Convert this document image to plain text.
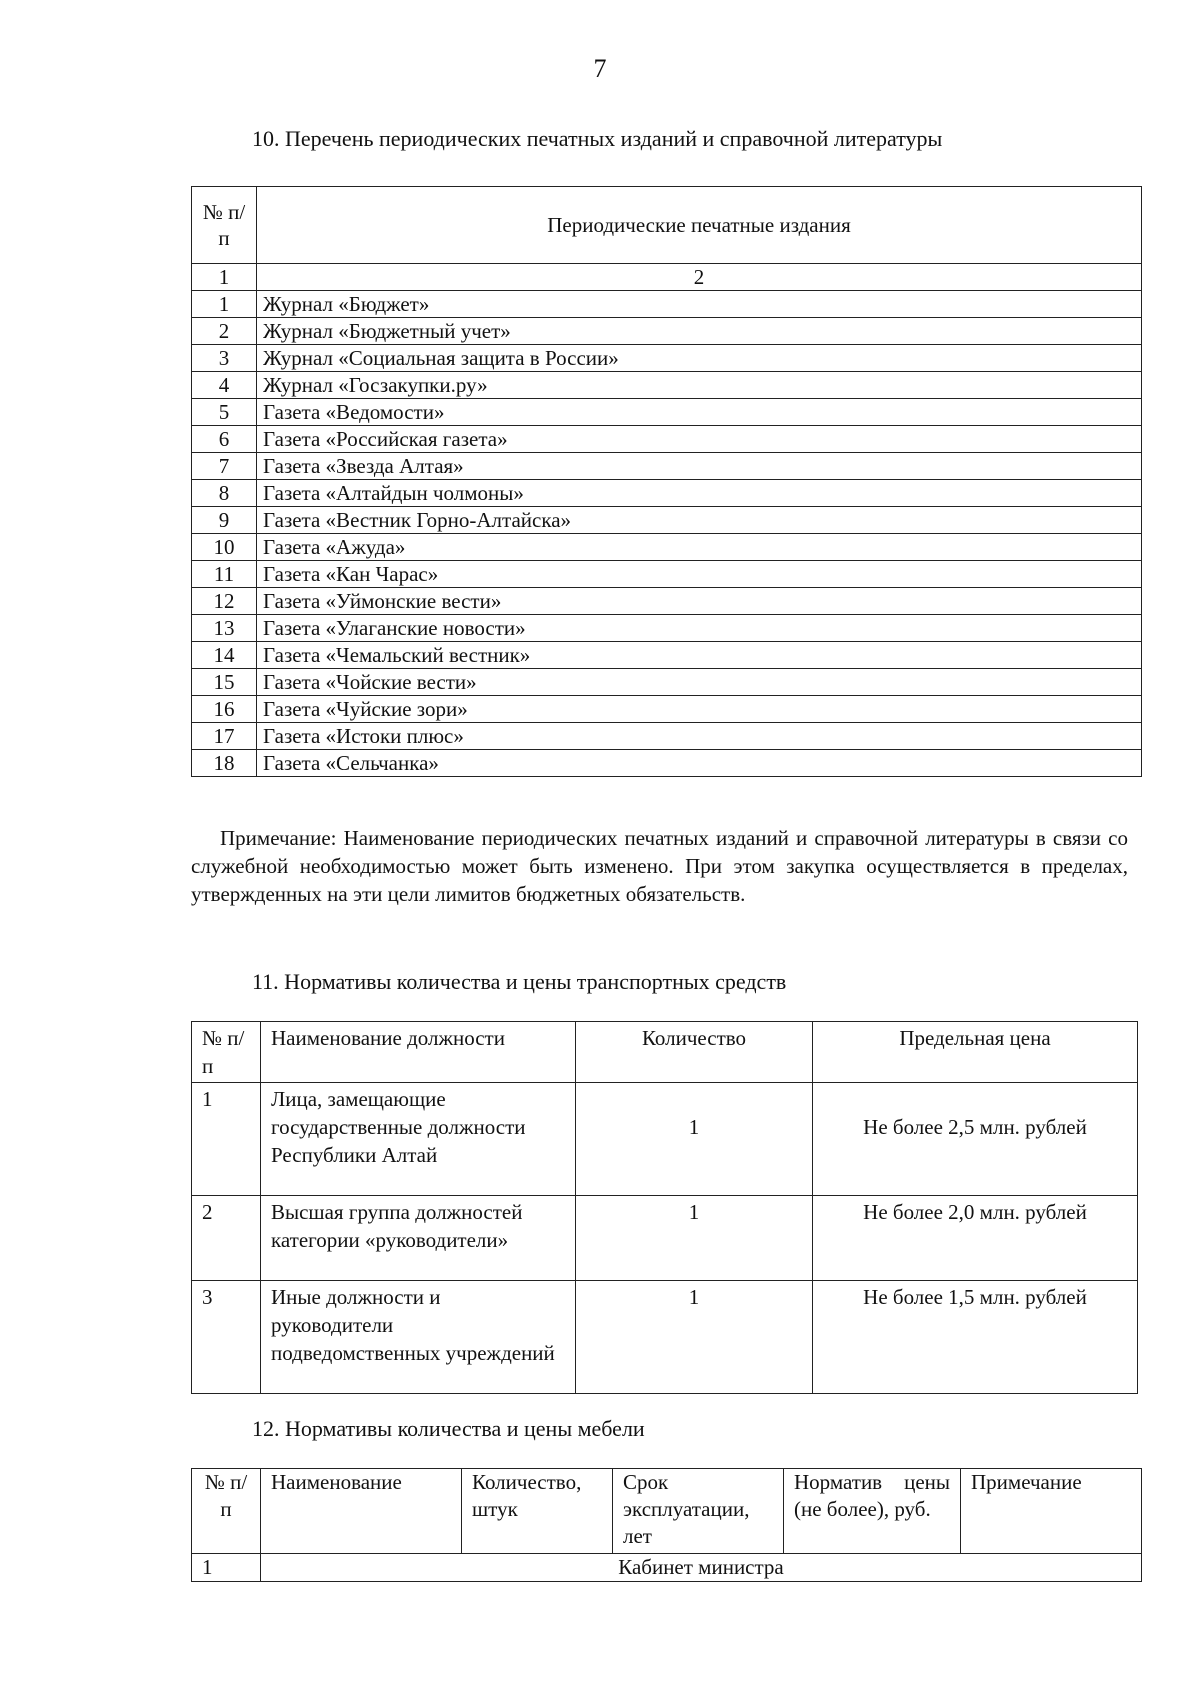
7
10. Перечень периодических печатных изданий и справочной литературы
№ п/п	Периодические печатные издания
1	2
1	Журнал «Бюджет»
2	Журнал «Бюджетный учет»
3	Журнал «Социальная защита в России»
4	Журнал «Госзакупки.ру»
5	Газета «Ведомости»
6	Газета «Российская газета»
7	Газета «Звезда Алтая»
8	Газета «Алтайдын чолмоны»
9	Газета «Вестник Горно-Алтайска»
10	Газета «Ажуда»
11	Газета «Кан Чарас»
12	Газета «Уймонские вести»
13	Газета «Улаганские новости»
14	Газета «Чемальский вестник»
15	Газета «Чойские вести»
16	Газета «Чуйские зори»
17	Газета «Истоки плюс»
18	Газета «Сельчанка»

Примечание: Наименование периодических печатных изданий и справочной литературы в связи со служебной необходимостью может быть изменено. При этом закупка осуществляется в пределах, утвержденных на эти цели лимитов бюджетных обязательств.

11. Нормативы количества и цены транспортных средств
№ п/п	Наименование должности	Количество	Предельная цена
1	Лица, замещающие государственные должности Республики Алтай	1	Не более 2,5 млн. рублей
2	Высшая группа должностей категории «руководители»	1	Не более 2,0 млн. рублей
3	Иные должности и руководители подведомственных учреждений	1	Не более 1,5 млн. рублей
12. Нормативы количества и цены мебели
№ п/п	Наименование	Количество, штук	Срок эксплуатации, лет	Норматив цены (не более), руб.	Примечание
1	Кабинет министра				
